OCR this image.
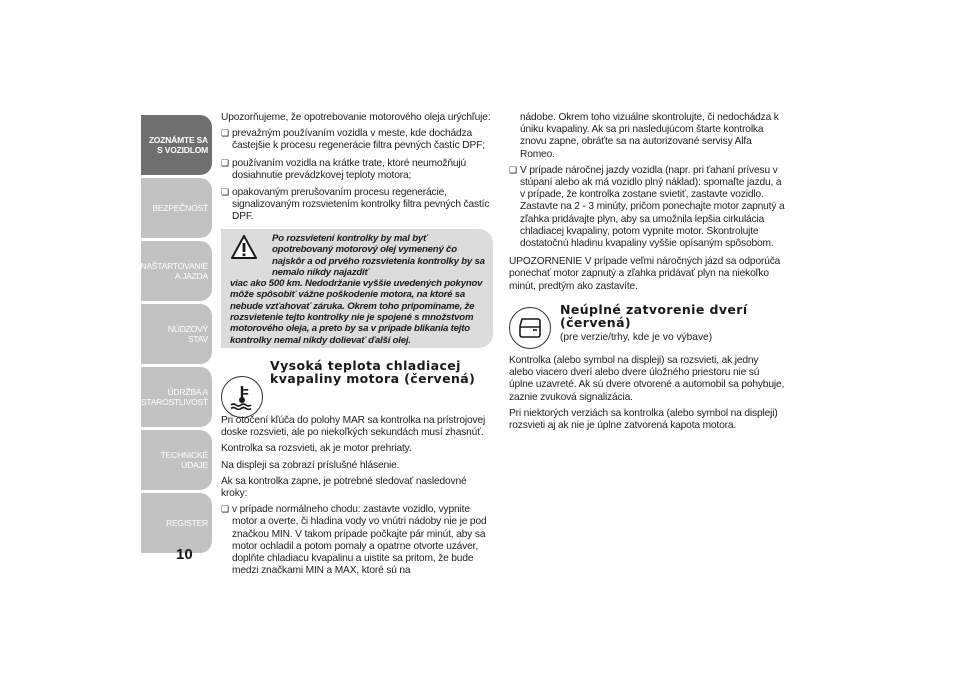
ZOZNÁMTE SA S VOZIDLOM
BEZPEČNOSŤ
NAŠTARTOVANIE A JAZDA
NÚDZOVÝ STAV
ÚDRŽBA A STAROSTLIVOSŤ
TECHNICKÉ ÚDAJE
REGISTER
10

Upozorňujeme, že opotrebovanie motorového oleja urýchľuje:

❑ prevažným používaním vozidla v meste, kde dochádza častejšie k procesu regenerácie filtra pevných častíc DPF;
❑ používaním vozidla na krátke trate, ktoré neumožňujú dosiahnutie prevádzkovej teploty motora;
❑ opakovaným prerušovaním procesu regenerácie, signalizovaným rozsvietením kontrolky filtra pevných častíc DPF.
Po rozsvietení kontrolky by mal byť opotrebovaný motorový olej vymenený čo najskôr a od prvého rozsvietenia kontrolky by sa nemalo nikdy najazdiť
viac ako 500 km. Nedodržanie vyššie uvedených pokynov môže spôsobiť vážne poškodenie motora, na ktoré sa nebude vzťahovať záruka. Okrem toho pripomíname, že rozsvietenie tejto kontrolky nie je spojené s množstvom motorového oleja, a preto by sa v prípade blikania tejto kontrolky nemal nikdy dolievať ďalší olej.
Vysoká teplota chladiacej
kvapaliny motora (červená)

Pri otočení kľúča do polohy MAR sa kontrolka na prístrojovej doske rozsvieti, ale po niekoľkých sekundách musí zhasnúť.

Kontrolka sa rozsvieti, ak je motor prehriaty.

Na displeji sa zobrazí príslušné hlásenie.

Ak sa kontrolka zapne, je potrebné sledovať nasledovné kroky:

❑ v prípade normálneho chodu: zastavte vozidlo, vypnite motor a overte, či hladina vody vo vnútri nádoby nie je pod značkou MIN. V takom prípade počkajte pár minút, aby sa motor ochladil a potom pomaly a opatrne otvorte uzáver, doplňte chladiacu kvapalinu a uistite sa pritom, že bude medzi značkami MIN a MAX, ktoré sú na

nádobe. Okrem toho vizuálne skontrolujte, či nedochádza k úniku kvapaliny. Ak sa pri nasledujúcom štarte kontrolka znovu zapne, obráťte sa na autorizované servisy Alfa Romeo.

❑ V prípade náročnej jazdy vozidla (napr. pri ťahaní prívesu v stúpaní alebo ak má vozidlo plný náklad): spomaľte jazdu, a v prípade, že kontrolka zostane svietiť, zastavte vozidlo. Zastavte na 2 - 3 minúty, pričom ponechajte motor zapnutý a zľahka pridávajte plyn, aby sa umožnila lepšia cirkulácia chladiacej kvapaliny, potom vypnite motor. Skontrolujte dostatočnú hladinu kvapaliny vyššie opísaným spôsobom.

UPOZORNENIE V prípade veľmi náročných jázd sa odporúča ponechať motor zapnutý a zľahka pridávať plyn na niekoľko minút, predtým ako zastavíte.

Neúplné zatvorenie dverí
(červená)
(pre verzie/trhy, kde je vo výbave)

Kontrolka (alebo symbol na displeji) sa rozsvieti, ak jedny alebo viacero dverí alebo dvere úložného priestoru nie sú úplne uzavreté. Ak sú dvere otvorené a automobil sa pohybuje, zaznie zvuková signalizácia.

Pri niektorých verziách sa kontrolka (alebo symbol na displeji) rozsvieti aj ak nie je úplne zatvorená kapota motora.
